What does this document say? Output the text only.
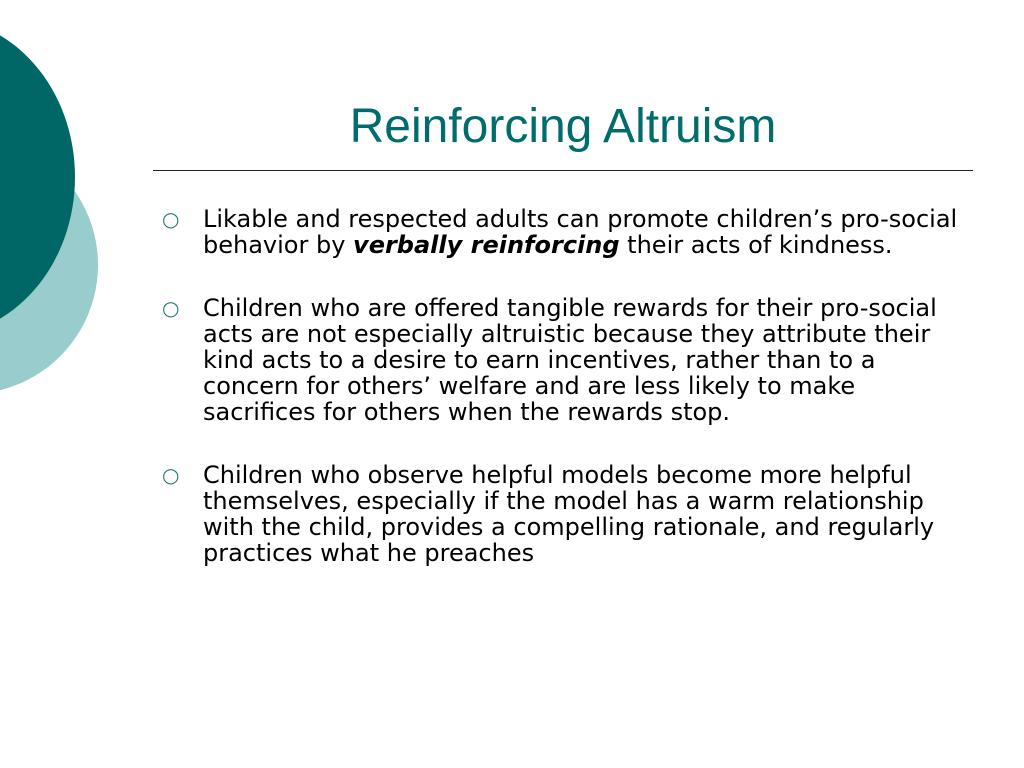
Reinforcing Altruism
○ Likable and respected adults can promote children’s pro-social behavior by verbally reinforcing their acts of kindness.
○ Children who are offered tangible rewards for their pro-social acts are not especially altruistic because they attribute their kind acts to a desire to earn incentives, rather than to a concern for others’ welfare and are less likely to make sacrifices for others when the rewards stop.
○ Children who observe helpful models become more helpful themselves, especially if the model has a warm relationship with the child, provides a compelling rationale, and regularly practices what he preaches
